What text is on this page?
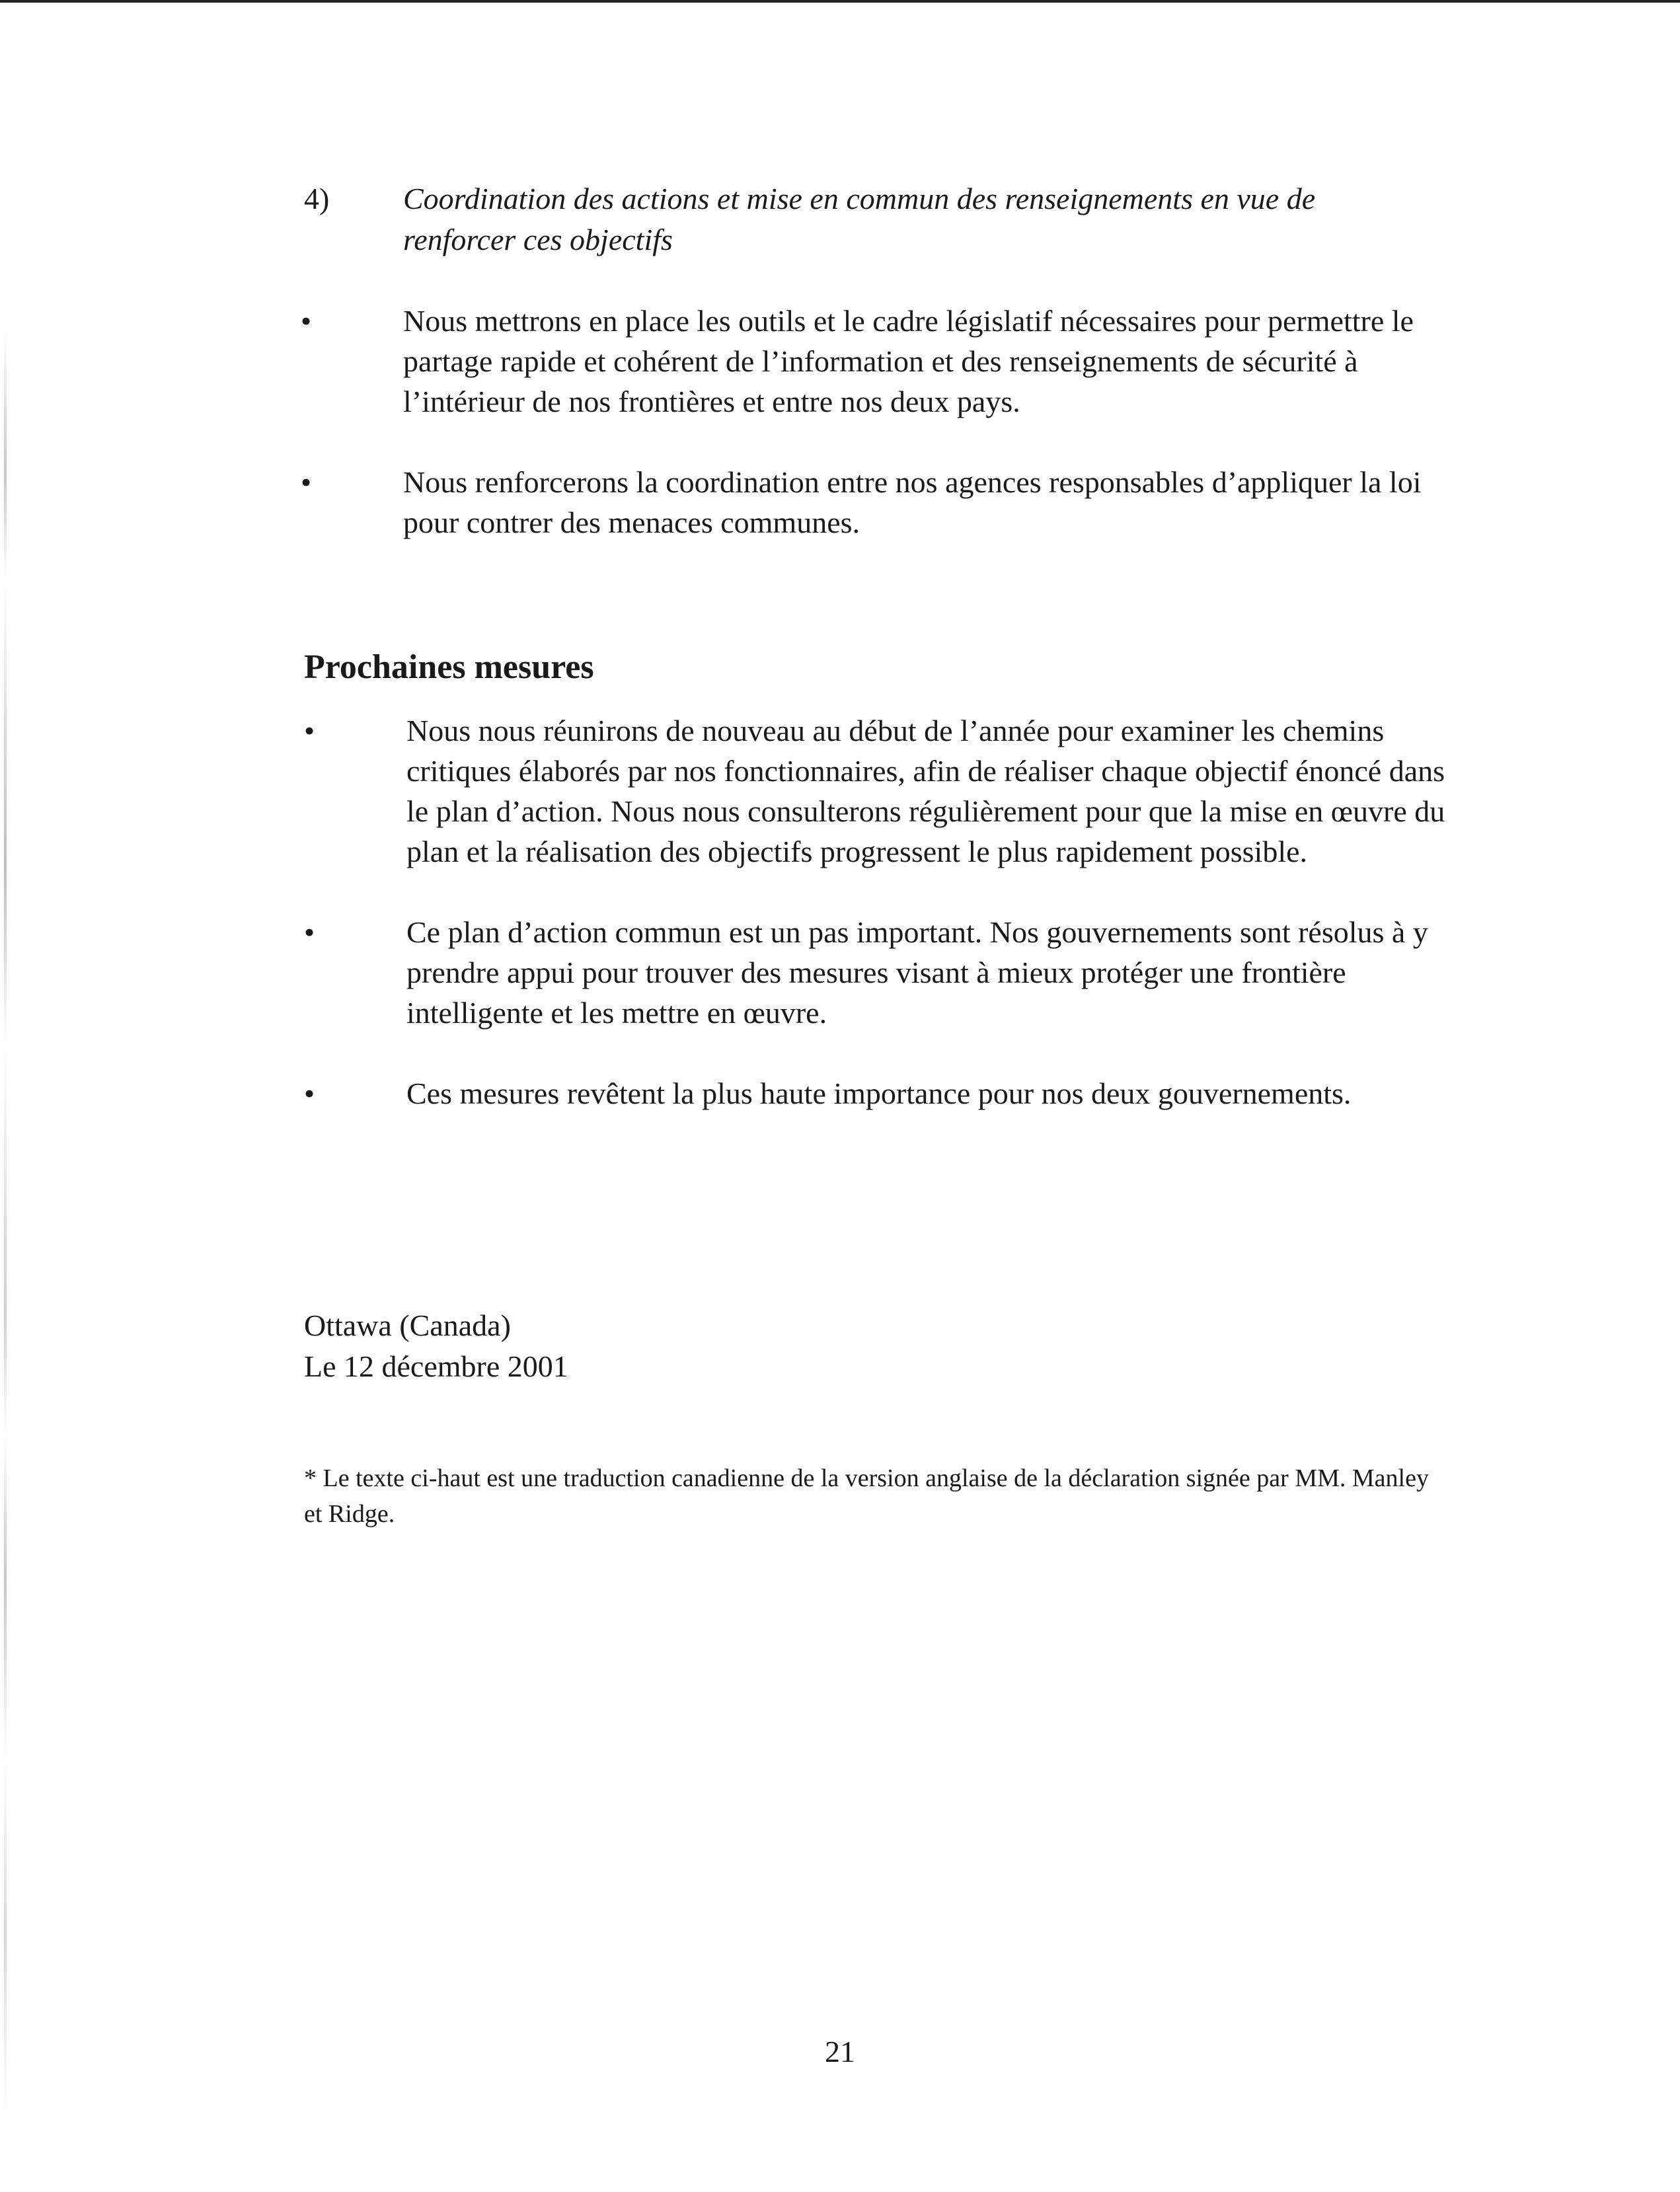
4) Coordination des actions et mise en commun des renseignements en vue de renforcer ces objectifs
•	Nous mettrons en place les outils et le cadre législatif nécessaires pour permettre le partage rapide et cohérent de l’information et des renseignements de sécurité à l’intérieur de nos frontières et entre nos deux pays.
•	Nous renforcerons la coordination entre nos agences responsables d’appliquer la loi pour contrer des menaces communes.
Prochaines mesures
•	Nous nous réunirons de nouveau au début de l’année pour examiner les chemins critiques élaborés par nos fonctionnaires, afin de réaliser chaque objectif énoncé dans le plan d’action. Nous nous consulterons régulièrement pour que la mise en œuvre du plan et la réalisation des objectifs progressent le plus rapidement possible.
•	Ce plan d’action commun est un pas important. Nos gouvernements sont résolus à y prendre appui pour trouver des mesures visant à mieux protéger une frontière intelligente et les mettre en œuvre.
•	Ces mesures revêtent la plus haute importance pour nos deux gouvernements.
Ottawa (Canada)
Le 12 décembre 2001
* Le texte ci-haut est une traduction canadienne de la version anglaise de la déclaration signée par MM. Manley et Ridge.
21
